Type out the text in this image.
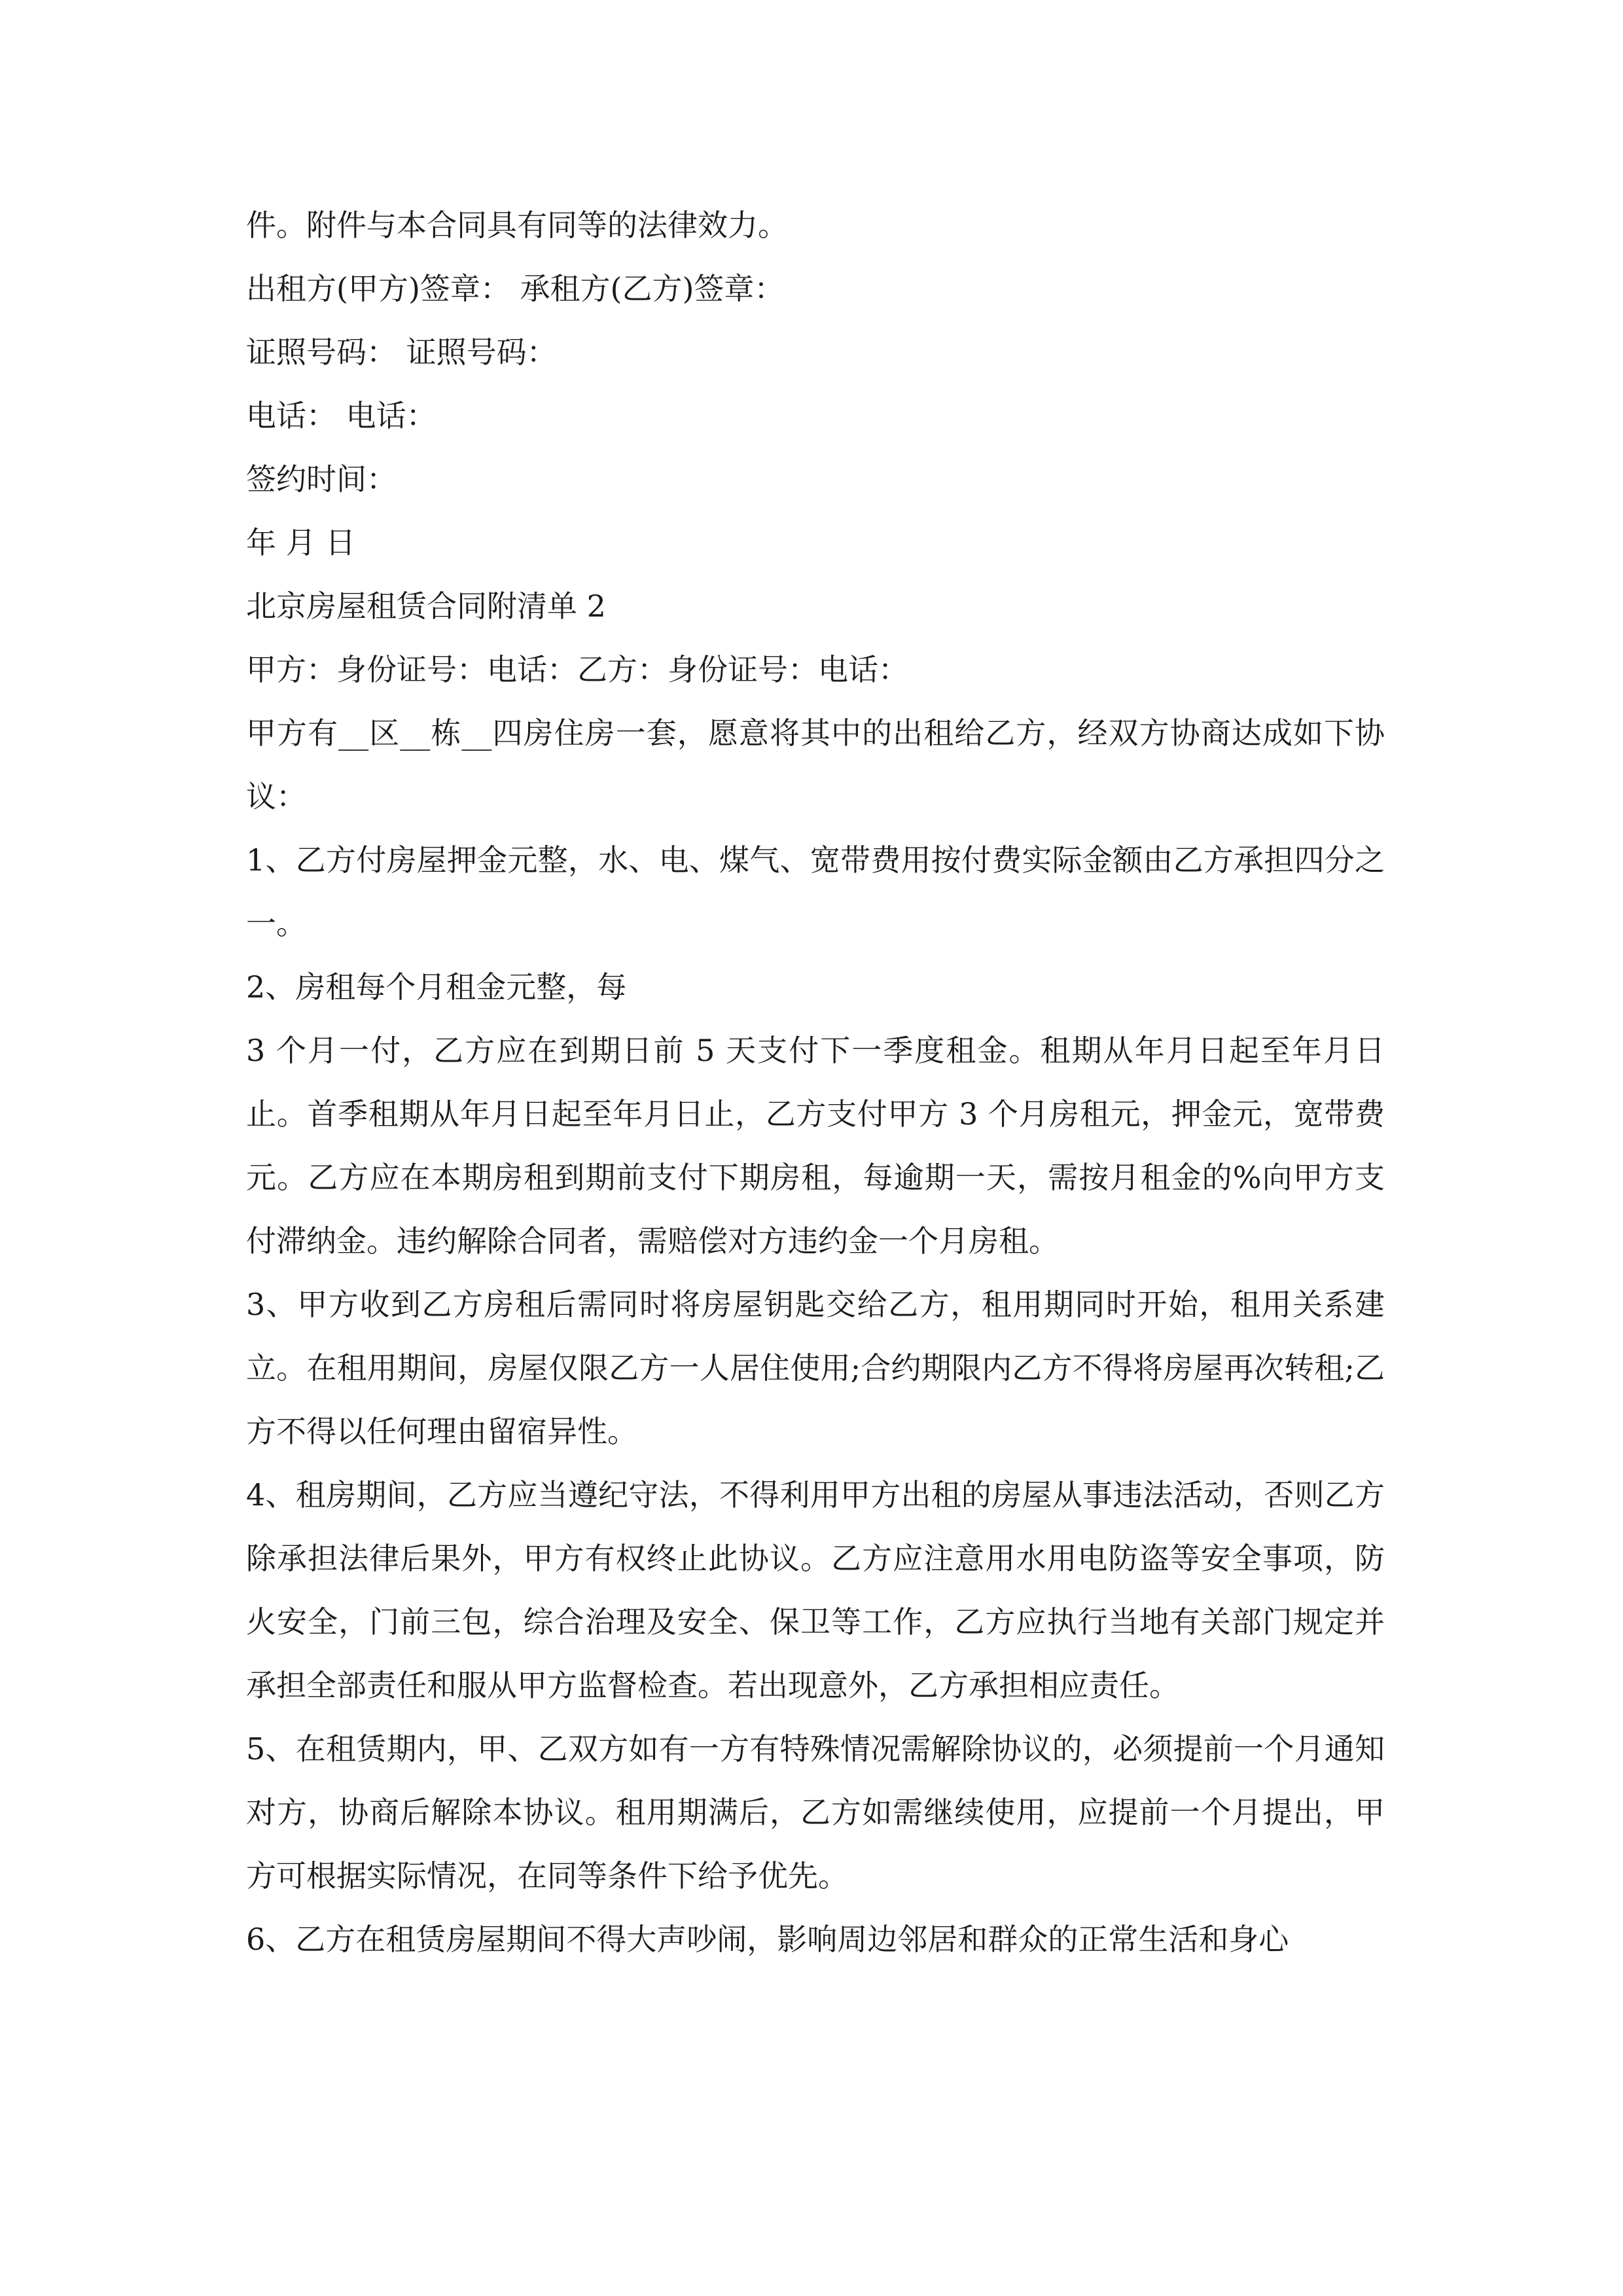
件。附件与本合同具有同等的法律效力。

出租方(甲方)签章： 承租方(乙方)签章：

证照号码： 证照号码：

电话： 电话：

签约时间：

年 月 日

北京房屋租赁合同附清单 2

甲方：身份证号：电话：乙方：身份证号：电话：

甲方有__区__栋__四房住房一套，愿意将其中的出租给乙方，经双方协商达成如下协议：

1、乙方付房屋押金元整，水、电、煤气、宽带费用按付费实际金额由乙方承担四分之一。

2、房租每个月租金元整，每

3 个月一付，乙方应在到期日前 5 天支付下一季度租金。租期从年月日起至年月日止。首季租期从年月日起至年月日止，乙方支付甲方 3 个月房租元，押金元，宽带费元。乙方应在本期房租到期前支付下期房租，每逾期一天，需按月租金的%向甲方支付滞纳金。违约解除合同者，需赔偿对方违约金一个月房租。

3、甲方收到乙方房租后需同时将房屋钥匙交给乙方，租用期同时开始，租用关系建立。在租用期间，房屋仅限乙方一人居住使用;合约期限内乙方不得将房屋再次转租;乙方不得以任何理由留宿异性。

4、租房期间，乙方应当遵纪守法，不得利用甲方出租的房屋从事违法活动，否则乙方除承担法律后果外，甲方有权终止此协议。乙方应注意用水用电防盗等安全事项，防火安全，门前三包，综合治理及安全、保卫等工作，乙方应执行当地有关部门规定并承担全部责任和服从甲方监督检查。若出现意外，乙方承担相应责任。

5、在租赁期内，甲、乙双方如有一方有特殊情况需解除协议的，必须提前一个月通知对方，协商后解除本协议。租用期满后，乙方如需继续使用，应提前一个月提出，甲方可根据实际情况，在同等条件下给予优先。

6、乙方在租赁房屋期间不得大声吵闹，影响周边邻居和群众的正常生活和身心
